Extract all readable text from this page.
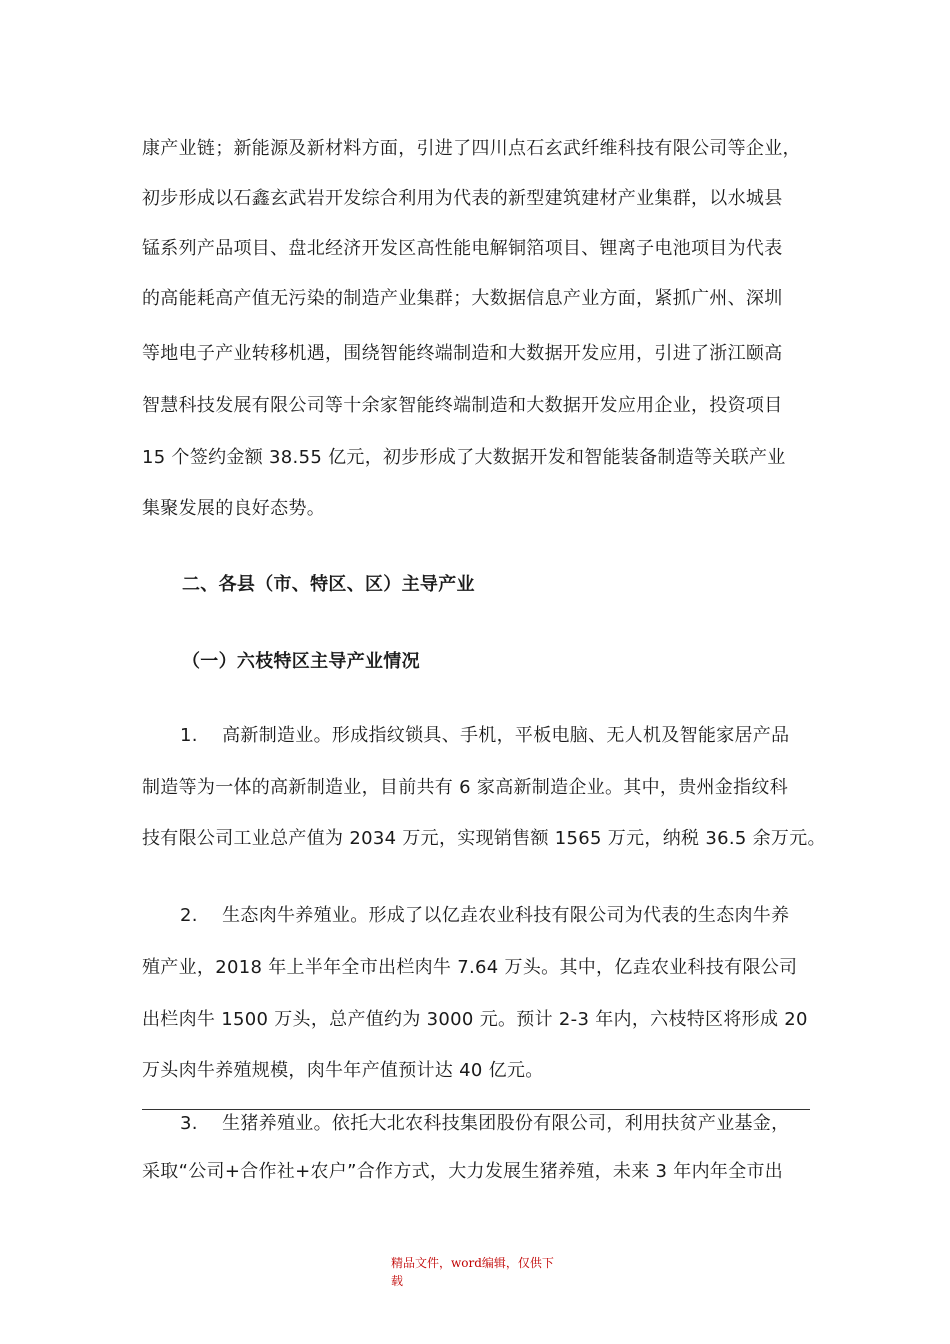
康产业链；新能源及新材料方面，引进了四川点石玄武纤维科技有限公司等企业，
初步形成以石鑫玄武岩开发综合利用为代表的新型建筑建材产业集群，以水城县
锰系列产品项目、盘北经济开发区高性能电解铜箔项目、锂离子电池项目为代表
的高能耗高产值无污染的制造产业集群；大数据信息产业方面，紧抓广州、深圳
等地电子产业转移机遇，围绕智能终端制造和大数据开发应用，引进了浙江颐高
智慧科技发展有限公司等十余家智能终端制造和大数据开发应用企业，投资项目
15 个签约金额 38.55 亿元，初步形成了大数据开发和智能装备制造等关联产业
集聚发展的良好态势。
二、各县（市、特区、区）主导产业
（一）六枝特区主导产业情况
1.　 高新制造业。形成指纹锁具、手机，平板电脑、无人机及智能家居产品
制造等为一体的高新制造业，目前共有 6 家高新制造企业。其中，贵州金指纹科
技有限公司工业总产值为 2034 万元，实现销售额 1565 万元，纳税 36.5 余万元。
2.　 生态肉牛养殖业。形成了以亿垚农业科技有限公司为代表的生态肉牛养
殖产业，2018 年上半年全市出栏肉牛 7.64 万头。其中，亿垚农业科技有限公司
出栏肉牛 1500 万头，总产值约为 3000 元。预计 2-3 年内，六枝特区将形成 20
万头肉牛养殖规模，肉牛年产值预计达 40 亿元。
3.　 生猪养殖业。依托大北农科技集团股份有限公司，利用扶贫产业基金，
采取“公司+合作社+农户”合作方式，大力发展生猪养殖，未来 3 年内年全市出
精品文件，word编辑，仅供下
载
